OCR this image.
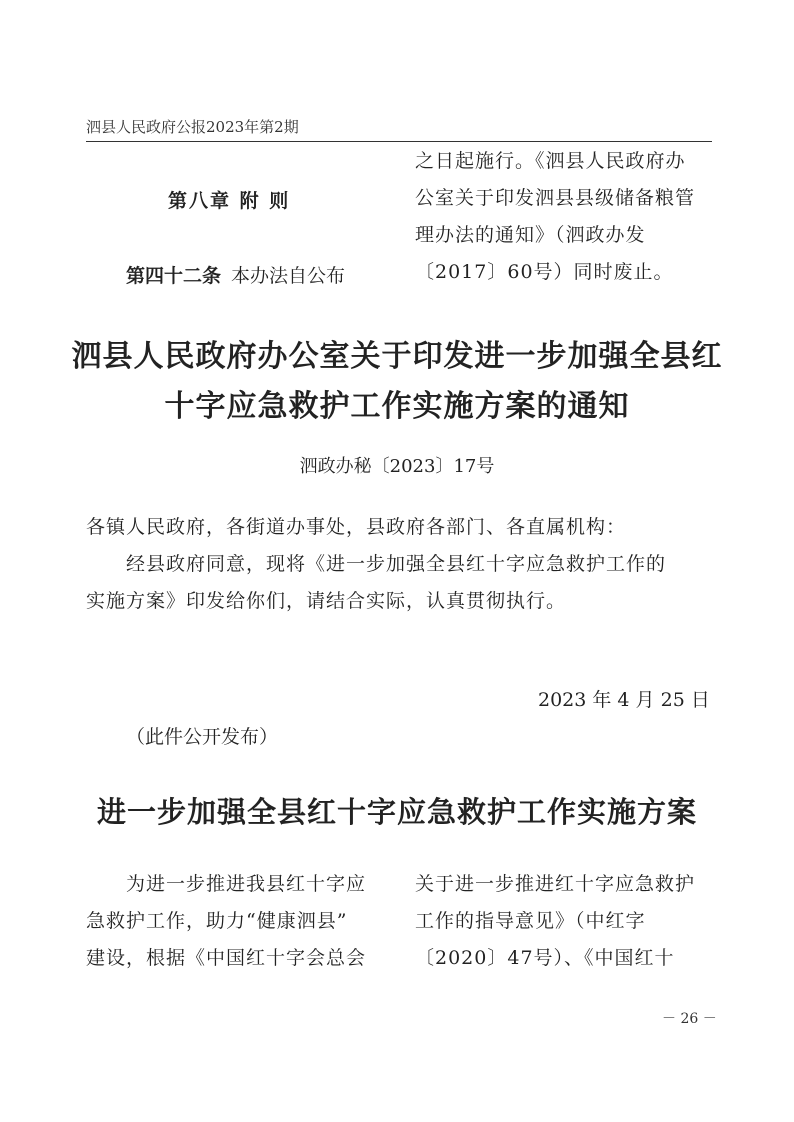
泗县人民政府公报2023年第2期
第八章 附 则
第四十二条 本办法自公布
之日起施行。《泗县人民政府办
公室关于印发泗县县级储备粮管
理办法的通知》（泗政办发
〔2017〕60号）同时废止。
泗县人民政府办公室关于印发进一步加强全县红
十字应急救护工作实施方案的通知
泗政办秘〔2023〕17号
各镇人民政府，各街道办事处，县政府各部门、各直属机构：
　　经县政府同意，现将《进一步加强全县红十字应急救护工作的
实施方案》印发给你们，请结合实际，认真贯彻执行。
2023 年 4 月 25 日
（此件公开发布）
进一步加强全县红十字应急救护工作实施方案
　　为进一步推进我县红十字应
急救护工作，助力“健康泗县”
建设，根据《中国红十字会总会
关于进一步推进红十字应急救护
工作的指导意见》（中红字
〔2020〕47号）、《中国红十
－ 26 －
